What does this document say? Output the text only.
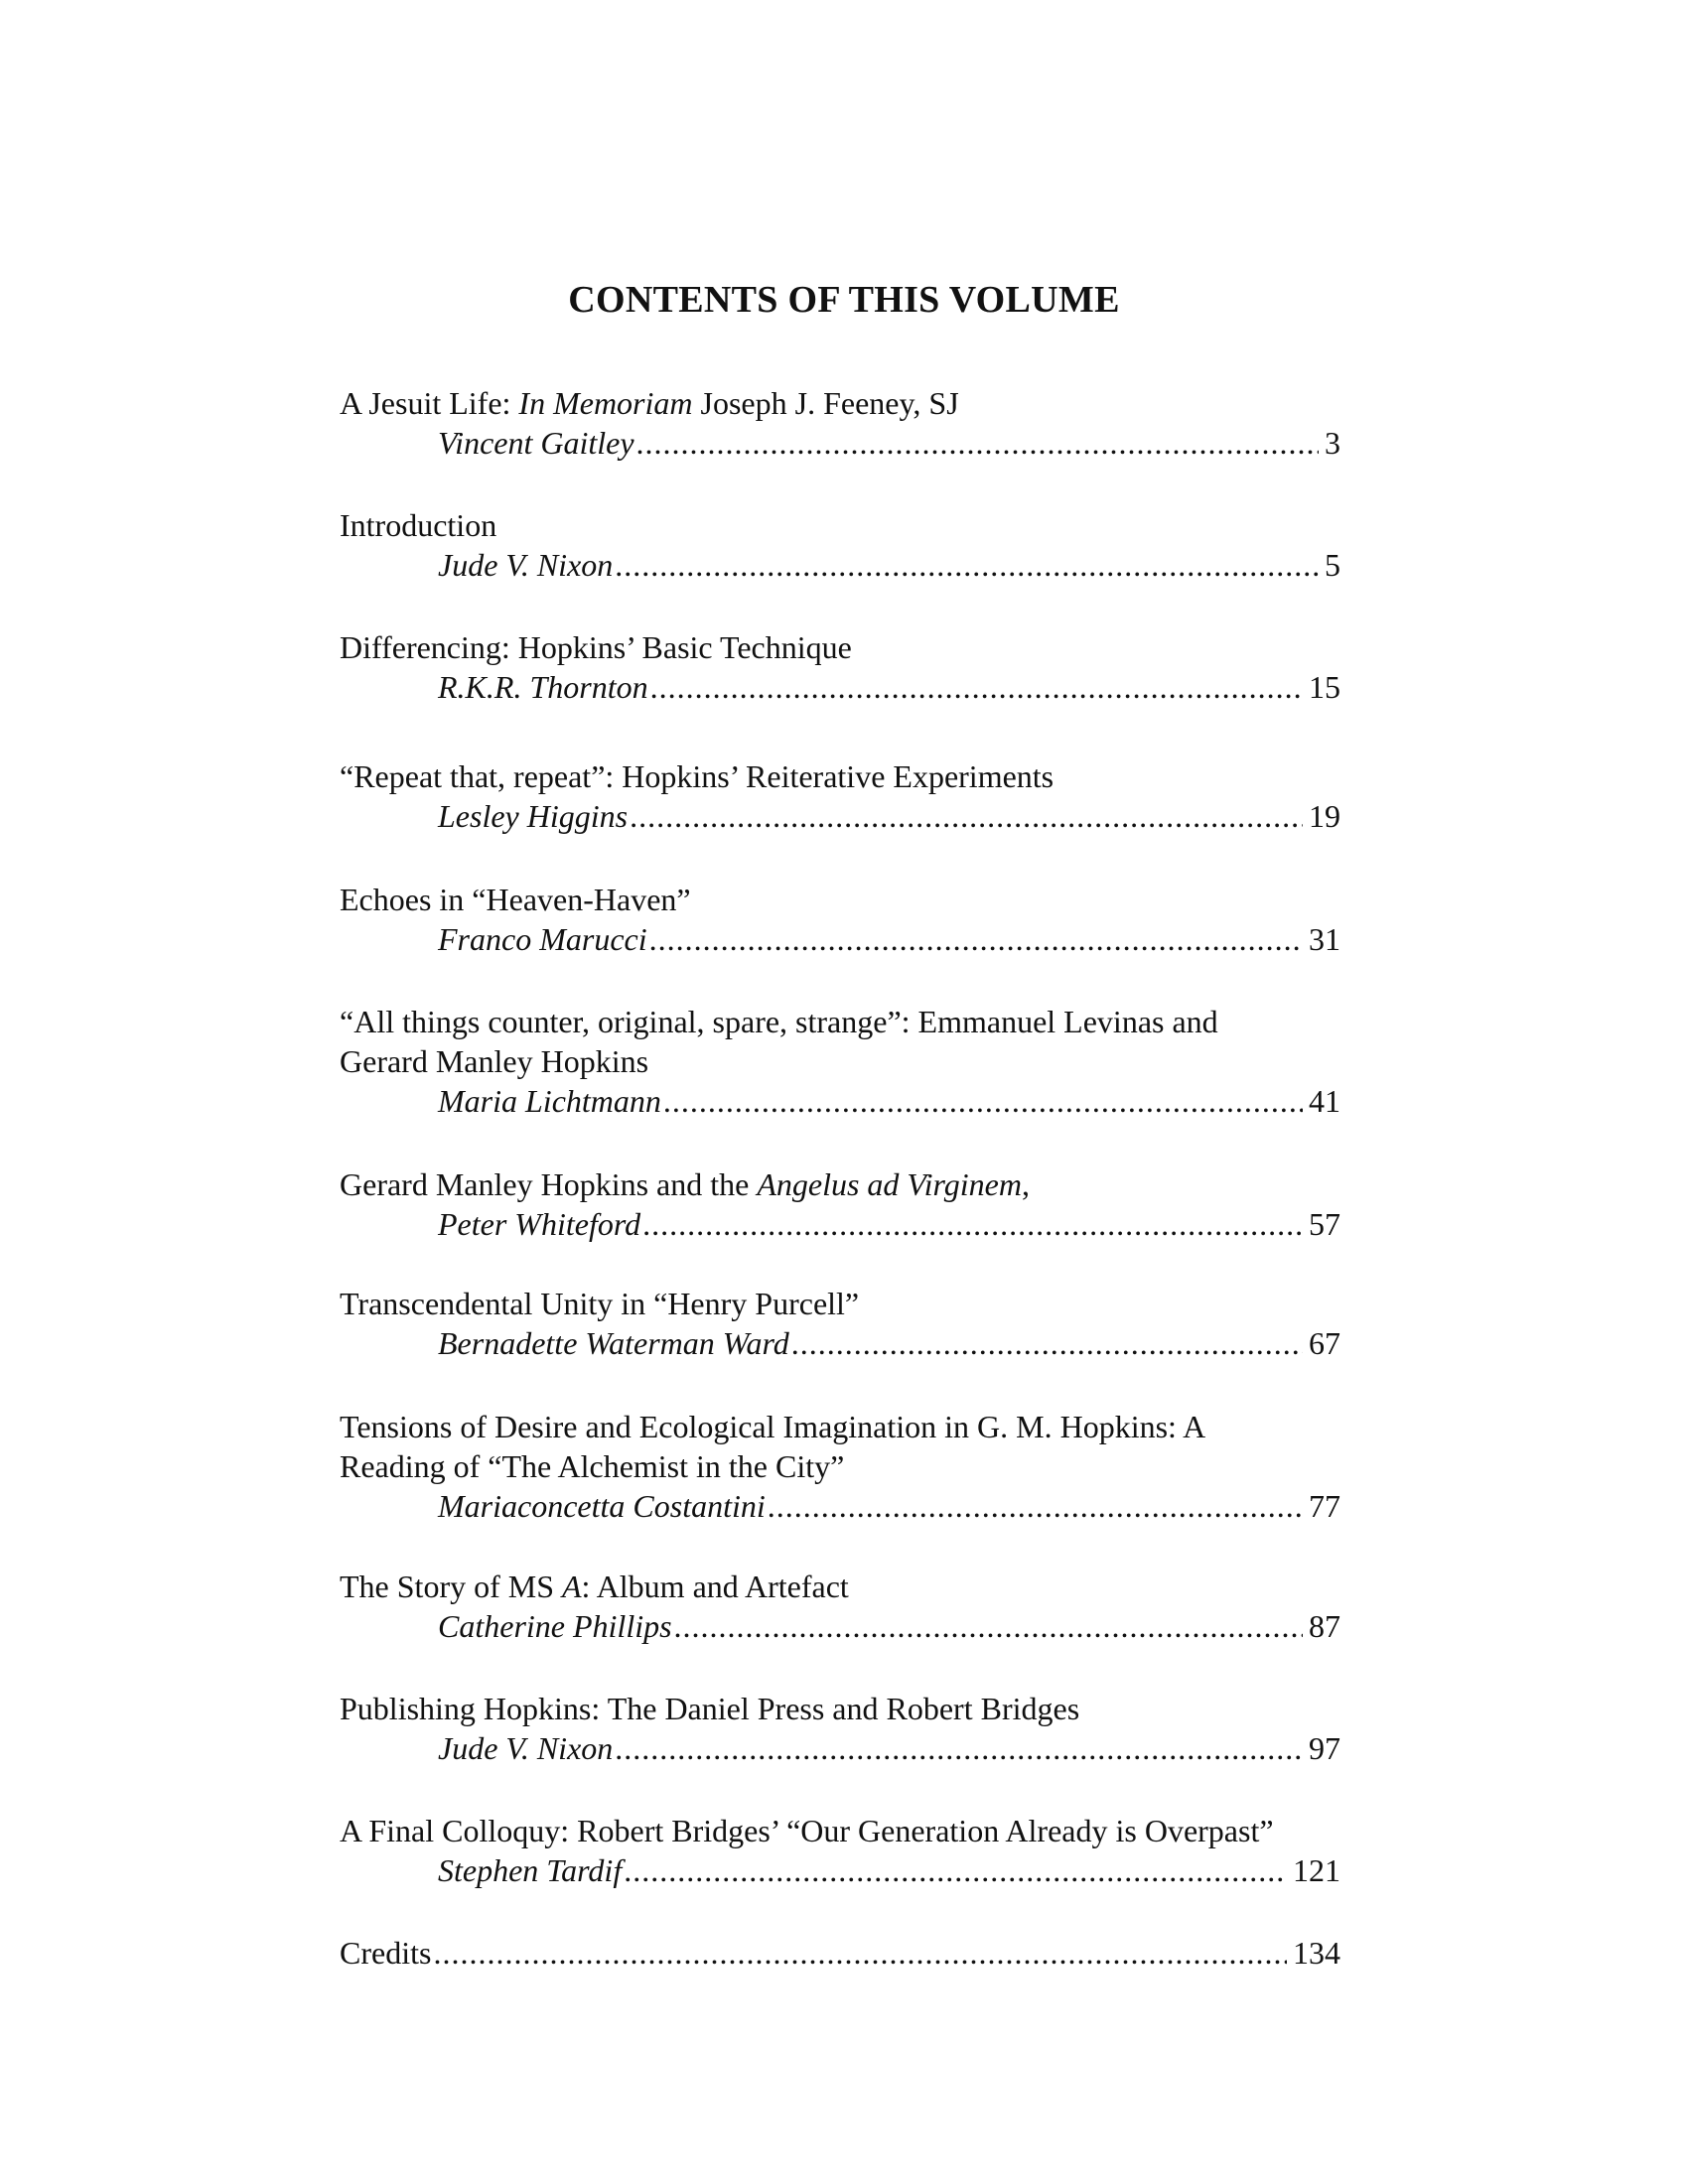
CONTENTS OF THIS VOLUME
A Jesuit Life: In Memoriam Joseph J. Feeney, SJ
Vincent Gaitley .....	3
Introduction
Jude V. Nixon .....	5
Differencing: Hopkins’ Basic Technique
R.K.R. Thornton .....	15
“Repeat that, repeat”: Hopkins’ Reiterative Experiments
Lesley Higgins .....	19
Echoes in “Heaven-Haven”
Franco Marucci .....	31
“All things counter, original, spare, strange”: Emmanuel Levinas and
Gerard Manley Hopkins
Maria Lichtmann .....	41
Gerard Manley Hopkins and the Angelus ad Virginem,
Peter Whiteford .....	57
Transcendental Unity in “Henry Purcell”
Bernadette Waterman Ward .....	67
Tensions of Desire and Ecological Imagination in G. M. Hopkins: A
Reading of “The Alchemist in the City”
Mariaconcetta Costantini .....	77
The Story of MS A: Album and Artefact
Catherine Phillips .....	87
Publishing Hopkins: The Daniel Press and Robert Bridges
Jude V. Nixon .....	97
A Final Colloquy: Robert Bridges’ “Our Generation Already is Overpast”
Stephen Tardif .....	121
Credits .....	134
